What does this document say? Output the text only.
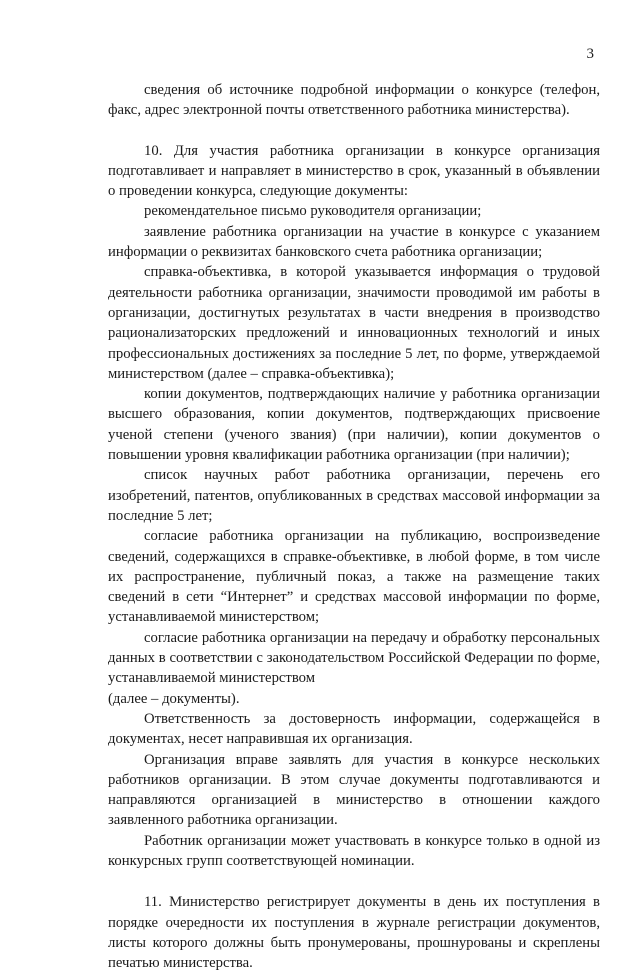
3

сведения об источнике подробной информации о конкурсе (телефон, факс, адрес электронной почты ответственного работника министерства).

10. Для участия работника организации в конкурсе организация подготавливает и направляет в министерство в срок, указанный в объявлении о проведении конкурса, следующие документы:

рекомендательное письмо руководителя организации;

заявление работника организации на участие в конкурсе с указанием информации о реквизитах банковского счета работника организации;

справка-объективка, в которой указывается информация о трудовой деятельности работника организации, значимости проводимой им работы в организации, достигнутых результатах в части внедрения в производство рационализаторских предложений и инновационных технологий и иных профессиональных достижениях за последние 5 лет, по форме, утверждаемой министерством (далее – справка-объективка);

копии документов, подтверждающих наличие у работника организации высшего образования, копии документов, подтверждающих присвоение ученой степени (ученого звания) (при наличии), копии документов о повышении уровня квалификации работника организации (при наличии);

список научных работ работника организации, перечень его изобретений, патентов, опубликованных в средствах массовой информации за последние 5 лет;

согласие работника организации на публикацию, воспроизведение сведений, содержащихся в справке-объективке, в любой форме, в том числе их распространение, публичный показ, а также на размещение таких сведений в сети “Интернет” и средствах массовой информации по форме, устанавливаемой министерством;

согласие работника организации на передачу и обработку персональных данных в соответствии с законодательством Российской Федерации по форме, устанавливаемой министерством

(далее – документы).

Ответственность за достоверность информации, содержащейся в документах, несет направившая их организация.

Организация вправе заявлять для участия в конкурсе нескольких работников организации. В этом случае документы подготавливаются и направляются организацией в министерство в отношении каждого заявленного работника организации.

Работник организации может участвовать в конкурсе только в одной из конкурсных групп соответствующей номинации.

11. Министерство регистрирует документы в день их поступления в порядке очередности их поступления в журнале регистрации документов, листы которого должны быть пронумерованы, прошнурованы и скреплены печатью министерства.
